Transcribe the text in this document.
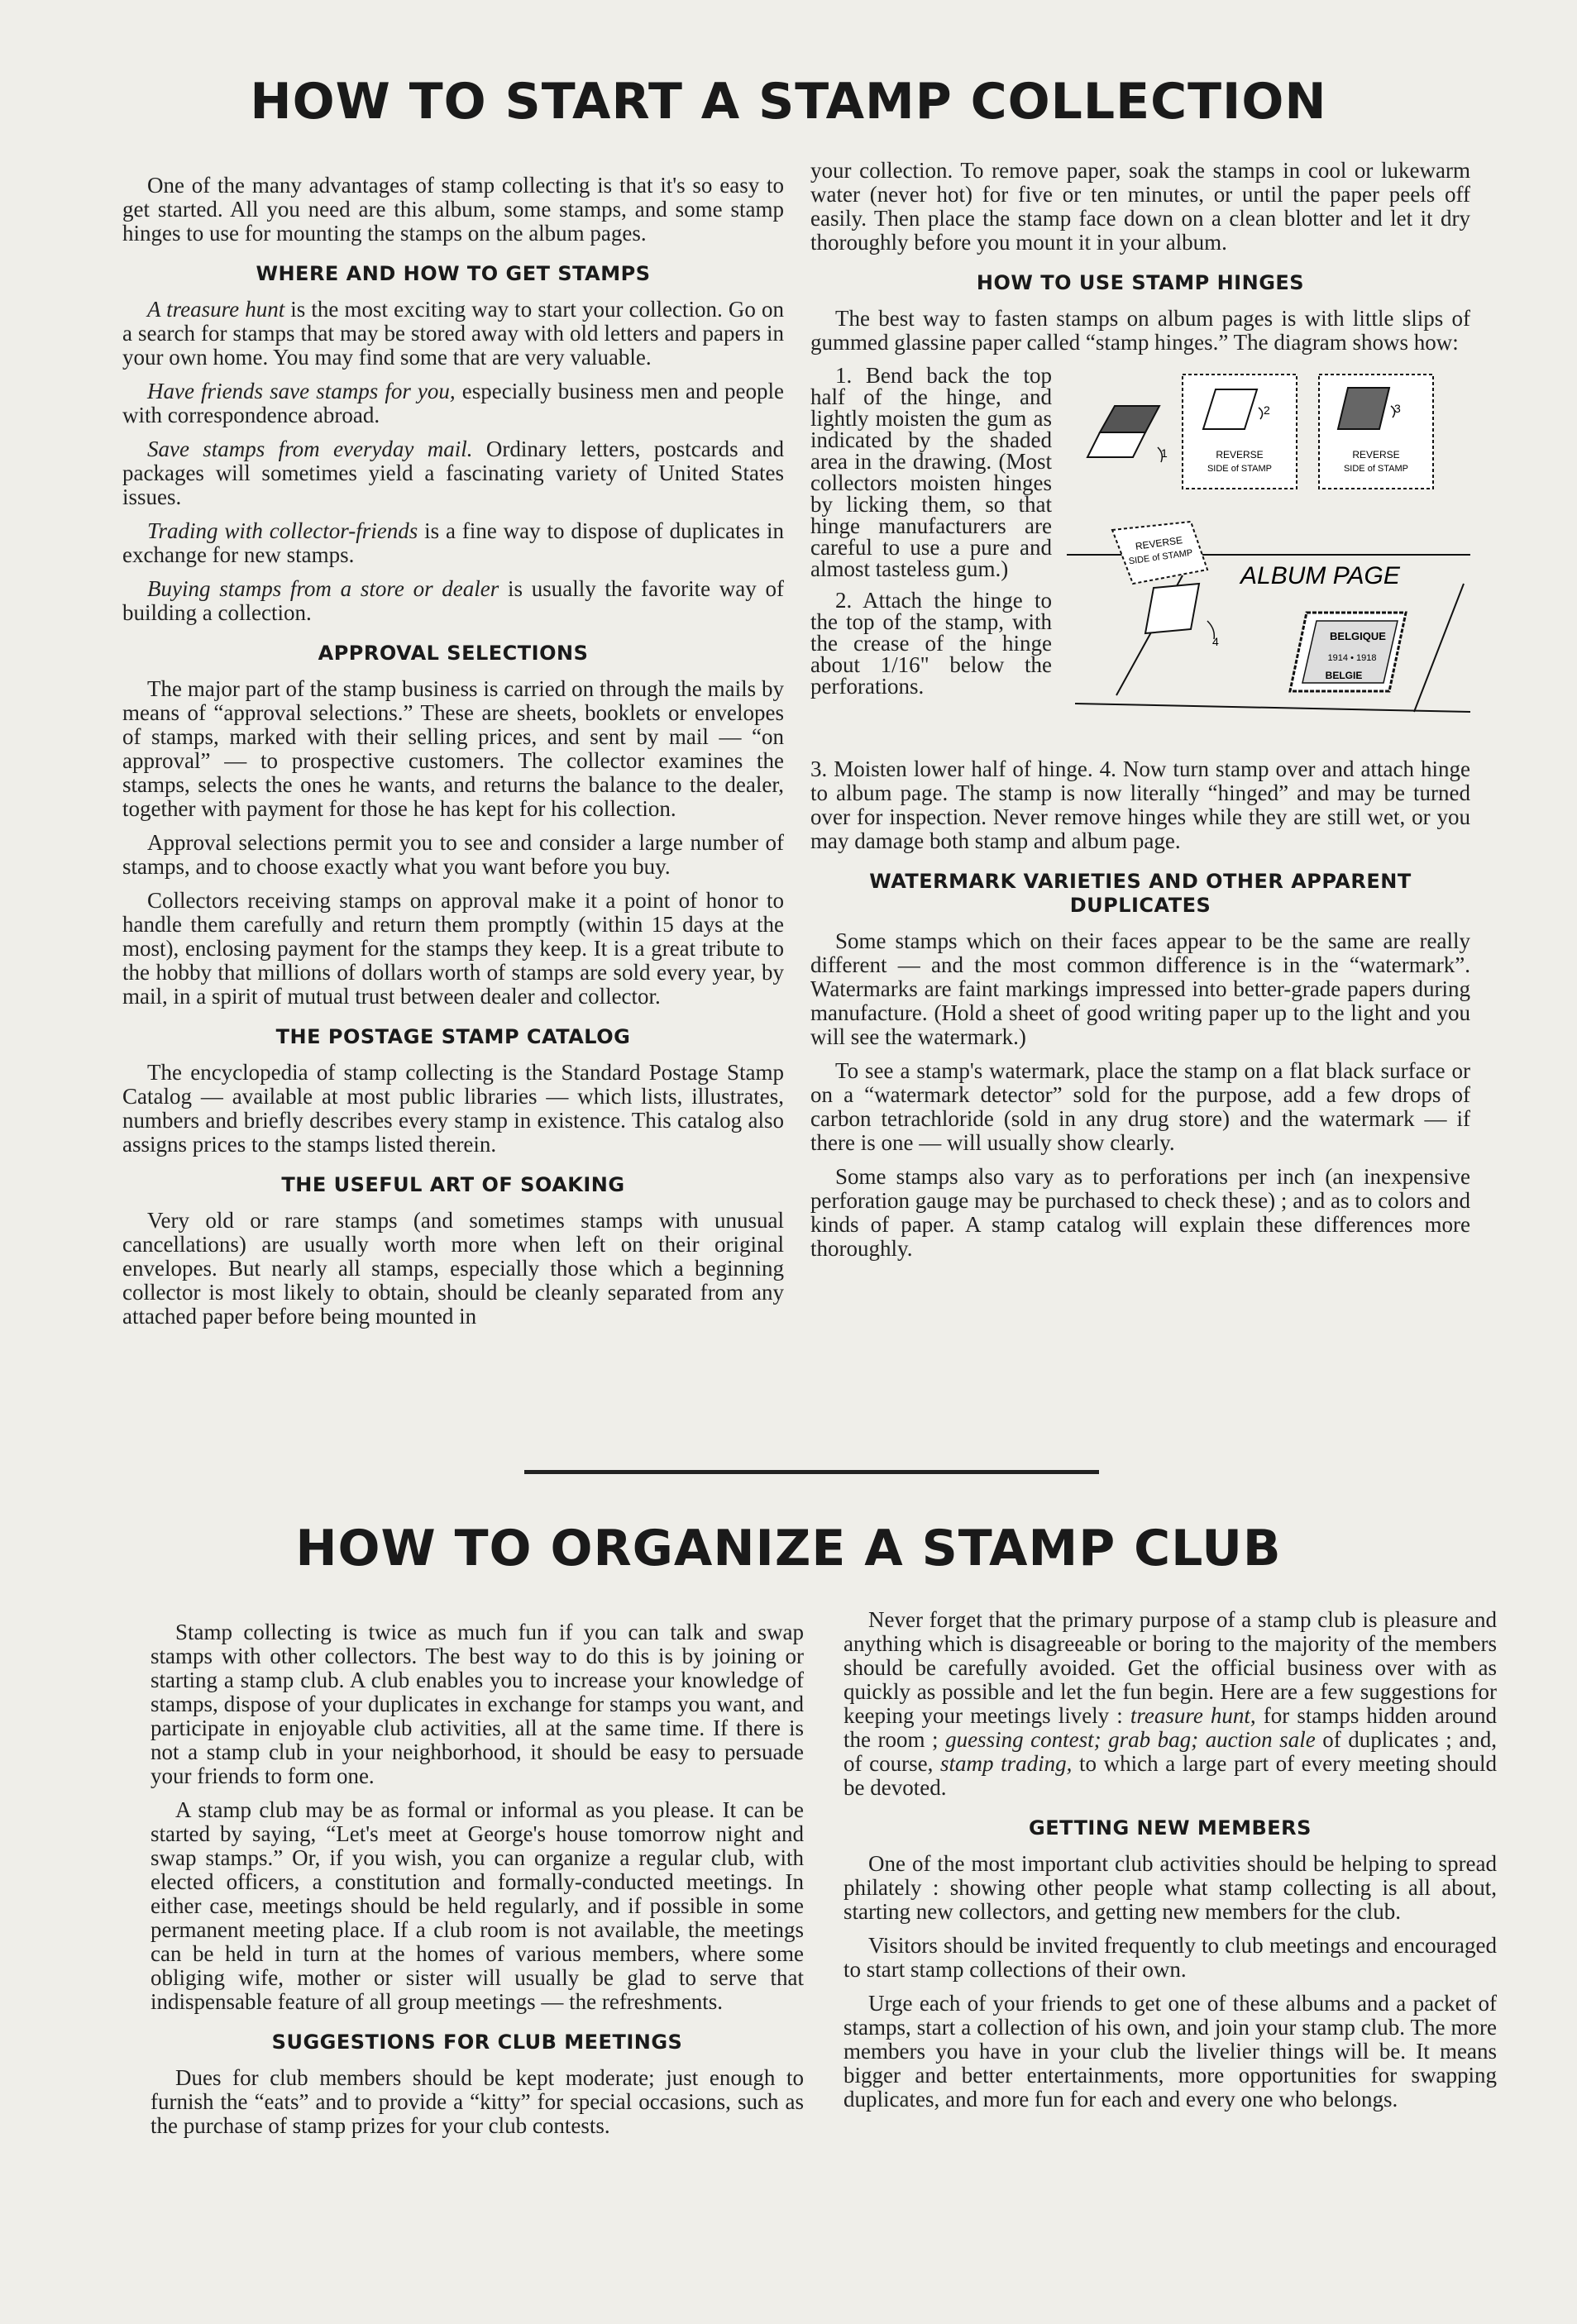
HOW TO START A STAMP COLLECTION

One of the many advantages of stamp collecting is that it's so easy to get started. All you need are this album, some stamps, and some stamp hinges to use for mounting the stamps on the album pages.

WHERE AND HOW TO GET STAMPS

A treasure hunt is the most exciting way to start your collection. Go on a search for stamps that may be stored away with old letters and papers in your own home. You may find some that are very valuable.

Have friends save stamps for you, especially business men and people with correspondence abroad.

Save stamps from everyday mail. Ordinary letters, postcards and packages will sometimes yield a fascinating variety of United States issues.

Trading with collector-friends is a fine way to dispose of duplicates in exchange for new stamps.

Buying stamps from a store or dealer is usually the favorite way of building a collection.

APPROVAL SELECTIONS

The major part of the stamp business is carried on through the mails by means of “approval selections.” These are sheets, booklets or envelopes of stamps, marked with their selling prices, and sent by mail — “on approval” — to prospective customers. The collector examines the stamps, selects the ones he wants, and returns the balance to the dealer, together with payment for those he has kept for his collection.

Approval selections permit you to see and consider a large number of stamps, and to choose exactly what you want before you buy.

Collectors receiving stamps on approval make it a point of honor to handle them carefully and return them promptly (within 15 days at the most), enclosing payment for the stamps they keep. It is a great tribute to the hobby that millions of dollars worth of stamps are sold every year, by mail, in a spirit of mutual trust between dealer and collector.

THE POSTAGE STAMP CATALOG

The encyclopedia of stamp collecting is the Standard Postage Stamp Catalog — available at most public libraries — which lists, illustrates, numbers and briefly describes every stamp in existence. This catalog also assigns prices to the stamps listed therein.

THE USEFUL ART OF SOAKING

Very old or rare stamps (and sometimes stamps with unusual cancellations) are usually worth more when left on their original envelopes. But nearly all stamps, especially those which a beginning collector is most likely to obtain, should be cleanly separated from any attached paper before being mounted in

your collection. To remove paper, soak the stamps in cool or lukewarm water (never hot) for five or ten minutes, or until the paper peels off easily. Then place the stamp face down on a clean blotter and let it dry thoroughly before you mount it in your album.

HOW TO USE STAMP HINGES

The best way to fasten stamps on album pages is with little slips of gummed glassine paper called “stamp hinges.” The diagram shows how:

1. Bend back the top half of the hinge, and lightly moisten the gum as indicated by the shaded area in the drawing. (Most collectors moisten hinges by licking them, so that hinge manufacturers are careful to use a pure and almost tasteless gum.)

2. Attach the hinge to the top of the stamp, with the crease of the hinge about 1/16" below the perforations.

1
2
REVERSE
SIDE of STAMP
3
REVERSE
SIDE of STAMP
REVERSE
SIDE of STAMP
4
ALBUM PAGE
BELGIQUE
1914 • 1918
BELGIE

3. Moisten lower half of hinge. 4. Now turn stamp over and attach hinge to album page. The stamp is now literally “hinged” and may be turned over for inspection. Never remove hinges while they are still wet, or you may damage both stamp and album page.

WATERMARK VARIETIES AND OTHER APPARENT DUPLICATES

Some stamps which on their faces appear to be the same are really different — and the most common difference is in the “watermark”. Watermarks are faint markings impressed into better-grade papers during manufacture. (Hold a sheet of good writing paper up to the light and you will see the watermark.)

To see a stamp's watermark, place the stamp on a flat black surface or on a “watermark detector” sold for the purpose, add a few drops of carbon tetrachloride (sold in any drug store) and the watermark — if there is one — will usually show clearly.

Some stamps also vary as to perforations per inch (an inexpensive perforation gauge may be purchased to check these) ; and as to colors and kinds of paper. A stamp catalog will explain these differences more thoroughly.

HOW TO ORGANIZE A STAMP CLUB

Stamp collecting is twice as much fun if you can talk and swap stamps with other collectors. The best way to do this is by joining or starting a stamp club. A club enables you to increase your knowledge of stamps, dispose of your duplicates in exchange for stamps you want, and participate in enjoyable club activities, all at the same time. If there is not a stamp club in your neighborhood, it should be easy to persuade your friends to form one.

A stamp club may be as formal or informal as you please. It can be started by saying, “Let's meet at George's house tomorrow night and swap stamps.” Or, if you wish, you can organize a regular club, with elected officers, a constitution and formally-conducted meetings. In either case, meetings should be held regularly, and if possible in some permanent meeting place. If a club room is not available, the meetings can be held in turn at the homes of various members, where some obliging wife, mother or sister will usually be glad to serve that indispensable feature of all group meetings — the refreshments.

SUGGESTIONS FOR CLUB MEETINGS

Dues for club members should be kept moderate; just enough to furnish the “eats” and to provide a “kitty” for special occasions, such as the purchase of stamp prizes for your club contests.

Never forget that the primary purpose of a stamp club is pleasure and anything which is disagreeable or boring to the majority of the members should be carefully avoided. Get the official business over with as quickly as possible and let the fun begin. Here are a few suggestions for keeping your meetings lively : treasure hunt, for stamps hidden around the room ; guessing contest; grab bag; auction sale of duplicates ; and, of course, stamp trading, to which a large part of every meeting should be devoted.

GETTING NEW MEMBERS

One of the most important club activities should be helping to spread philately : showing other people what stamp collecting is all about, starting new collectors, and getting new members for the club.

Visitors should be invited frequently to club meetings and encouraged to start stamp collections of their own.

Urge each of your friends to get one of these albums and a packet of stamps, start a collection of his own, and join your stamp club. The more members you have in your club the livelier things will be. It means bigger and better entertainments, more opportunities for swapping duplicates, and more fun for each and every one who belongs.
